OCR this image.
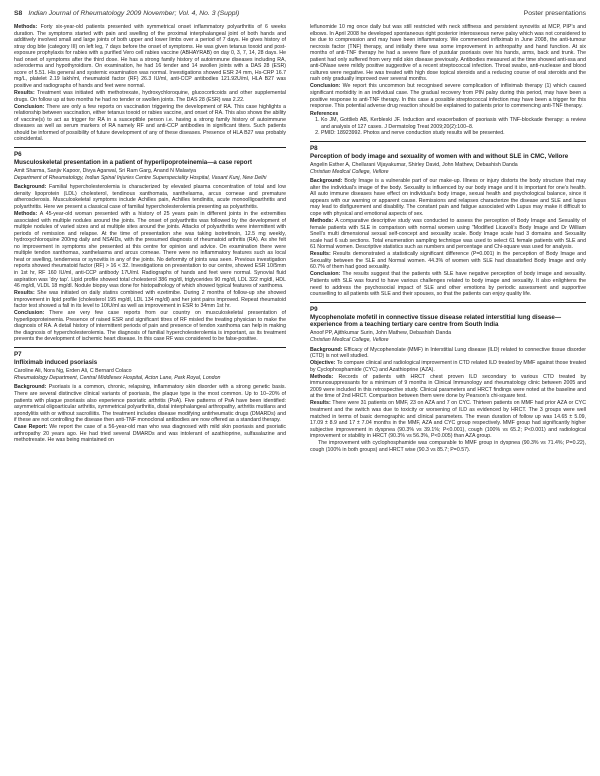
S8 Indian Journal of Rheumatology 2009 November; Vol. 4, No. 3 (Suppl)	Poster presentations

Methods: Forty six-year-old patients presented with symmetrical onset inflammatory polyarthritis of 6 weeks duration. The symptoms started with pain and swelling of the proximal interphalangeal joint of both hands and additively involved small and large joints of both upper and lower limbs over a period of 7 days. He gives history of stray dog bite (category III) on left leg, 7 days before the onset of symptoms. He was given tetanus toxoid and post-exposure prophylaxis for rabies with a purified Vero cell rabies vaccine (ABHAYRAB) on day 0, 3, 7, 14, 28 days. He had onset of symptoms after the third dose. He has a strong family history of autoimmune diseases including RA, scleroderma and hypothyroidism. On examination, he had 16 tender and 14 swollen joints with a DAS 28 (ESR) score of 5.51. His general and systemic examination was normal. Investigations showed ESR 24 mm, Hs-CRP 16.7 mg/L, platelet 2.19 lakh/ml, rheumatoid factor (RF) 26.3 IU/ml, anti-CCP antibodies 121.92U/ml, HLA B27 was positive and radiographs of hands and feet were normal.

Results: Treatment was initiated with methotrexate, hydroxychloroquine, glucocorticoids and other supplemental drugs. On follow up at two months he had no tender or swollen joints. The DAS 28 (ESR) was 2.22.

Conclusion: There are only a few reports on vaccination triggering the development of RA. This case highlights a relationship between vaccination, either tetanus toxoid or rabies vaccine, and onset of RA. This also shows the ability of vaccine(s) to act as trigger for RA in a susceptible person i.e. having a strong family history of autoimmune diseases as well as serum markers of RA namely RF and anti-CCP antibodies in significant titers. Such patients should be informed of possibility of future development of any of these diseases. Presence of HLA B27 was probably coincidental.

P6
Musculoskeletal presentation in a patient of hyperlipoproteinemia—a case report
Amit Sharma, Sanjiv Kapoor, Divya Agarwal, Sri Ram Garg, Anand N Malaviya
Department of Rheumatology, Indian Spinal Injuries Centre Superspeciality Hospital, Vasant Kunj, New Delhi

Background: Familial hypercholesterolemia is characterized by elevated plasma concentration of total and low density lipoprotein (LDL) cholesterol, tendinous xanthomata, xanthelasma, arcus corneae and premature atherosclerosis. Musculoskeletal symptoms include Achilles pain, Achilles tendinitis, acute monoolligoarthritis and polyarthritis. Here we present a classical case of familial hypercholesterolemia presenting as polyarthritis.

Methods: A 45-year-old woman presented with a history of 25 years pain in different joints in the extremities associated with multiple nodules around the joints. The onset of polyarthritis was followed by the development of multiple nodules of varied sizes and at multiple sites around the joints. Attacks of polyarthritis were intermittent with periods of remission and relapse. At the time of presentation she was taking isotretinoin, 12.5 mg weekly, hydroxychloroquine 200mg daily and NSAIDs, with the presumed diagnosis of rheumatoid arthritis (RA). As she felt no improvement in symptoms she presented at this centre for opinion and advice. On examination there were multiple tendon xanthomas, xanthelasma and arcus corneae. There were no inflammatory features such as local heat or swelling, tenderness or synovitis in any of the joints. No deformity of joints was seen. Previous investigation reports showed rheumatoid factor (RF) > 16 < 32. Investigations on presentation to our centre, showed ESR 10/5mm in 1st hr, RF 160 IU/ml, anti-CCP antibody 17U/ml. Radiographs of hands and feet were normal. Synovial fluid aspiration was ‘dry tap’. Lipid profile showed total cholesterol 386 mg/dl, triglycerides 90 mg/dl, LDL 322 mg/dl, HDL 46 mg/dl, VLDL 18 mg/dl. Nodule biopsy was done for histopathology of which showed typical features of xanthoma.

Results: She was initiated on daily statins combined with ezetimibe. During 2 months of follow-up she showed improvement in lipid profile (cholesterol 195 mg/dl, LDL 134 mg/dl) and her joint pains improved. Repeat rheumatoid factor test showed a fall in its level to 10IU/ml as well as improvement in ESR to 34mm 1st hr.

Conclusion: There are very few case reports from our country on musculoskeletal presentation of hyperlipoproteinemia. Presence of raised ESR and significant titres of RF misled the treating physician to make the diagnosis of RA. A detail history of intermittent periods of pain and presence of tendon xanthoma can help in making the diagnosis of hypercholesterolemia. The diagnosis of familial hypercholesterolemia is important, as its treatment prevents the development of ischemic heart disease. In this case RF was considered to be false-positive.

P7
Infliximab induced psoriasis
Caroline Ali, Nora Ng, Erden Ali, C Bernard Colaco
Rheumatology Department, Central Middlesex Hospital, Acton Lane, Park Royal, London

Background: Psoriasis is a common, chronic, relapsing, inflammatory skin disorder with a strong genetic basis. There are several distinctive clinical variants of psoriasis, the plaque type is the most common. Up to 10–20% of patients with plaque psoriasis also experience psoriatic arthritis (PsA). Five patterns of PsA have been identified: asymmetrical oligoarticular arthritis, symmetrical polyarthritis, distal interphalangeal arthropathy, arthritis mutilans and spondylitis with or without sacroiliitis. The treatment includes disease modifying antirheumatic drugs (DMARDs) and if these are not controlling the disease then anti-TNF monoclonal antibodies are now offered as a standard therapy.

Case Report: We report the case of a 56-year-old man who was diagnosed with mild skin psoriasis and psoriatic arthropathy 20 years ago. He had tried several DMARDs and was intolerant of azathioprine, sulfasalazine and methotrexate. He was being maintained on

leflunomide 10 mg once daily but was still restricted with neck stiffness and persistent synovitis at MCP, PIP’s and elbows. In April 2008 he developed spontaneous right posterior interosseous nerve palsy which was not considered to be due to compression and may have been inflammatory. We commenced infliximab in June 2008, the anti-tumour necrosis factor (TNF) therapy, and initially there was some improvement in arthropathy and hand function. At six months of anti-TNF therapy he had a severe flare of pustular psoriasis over his hands, arms, back and trunk. The patient had only suffered from very mild skin disease previously. Antibodies measured at the time showed anti-ssa and anti-DNase were mildly positive suggestive of a recent streptococcal infection. Throat swabs, anti-nuclease and blood cultures were negative. He was treated with high dose topical steroids and a reducing course of oral steroids and the rash only gradually improved over several months.

Conclusion: We report this uncommon but recognised severe complication of infliximab therapy (1) which caused significant morbidity in an individual case. The gradual recovery from PIN palsy during this period, may have been a positive response to anti-TNF therapy. In this case a possible streptococcal infection may have been a trigger for this response. This potential adverse drug reaction should be explained to patients prior to commencing anti-TNF therapy.

References
1. Ko JM, Gottlieb AB, Kerbleski JF. Induction and exacerbation of psoriasis with TNF-blockade therapy: a review and analysis of 127 cases. J Dermatolog Treat 2009;20(2):100–8.
2. PMID: 18923992. Photos and nerve conduction study results will be presented.
P8
Perception of body image and sexuality of women with and without SLE in CMC, Vellore
Angelin Esther A, Chellarani Vijayakumar, Shirley David, John Mathew, Debashish Danda
Christian Medical College, Vellore

Background: Body Image is a vulnerable part of our make-up. Illness or injury distorts the body structure that may alter the individual’s image of the body. Sexuality is influenced by our body image and it is important for one’s health. All auto immune diseases have effect on individual’s body image, sexual health and psychological balance, since it appears with our warning or apparent cause. Remissions and relapses characterize the disease and SLE and lupus may lead to disfigurement and disability. The constant pain and fatigue associated with Lupus may make it difficult to cope with physical and emotional aspects of sex.

Methods: A comparative descriptive study was conducted to assess the perception of Body Image and Sexuality of female patients with SLE in comparison with normal women using “Modified Licavoli’s Body Image and Dr William Snell’s multi dimensional sexual self-concept and sexuality scale. Body Image scale had 3 domains and Sexuality scale had 6 sub sections. Total enumeration sampling technique was used to select 61 female patients with SLE and 61 Normal women. Descriptive statistics such as numbers and percentage and Chi-square was used for analysis.

Results: Results demonstrated a statistically significant difference (P=0.001) in the perception of Body Image and Sexuality between the SLE and Normal women. 44.3% of women with SLE had dissatisfied Body Image and only 60.7% of them had good sexuality.

Conclusion: The results suggest that the patients with SLE have negative perception of body image and sexuality. Patients with SLE was found to have various challenges related to body image and sexuality. It also enlightens the need to address the psychosocial impact of SLE and other emotions by periodic assessment and supportive counselling to all patients with SLE and their spouses, so that the patients can enjoy quality life.

P9
Mycophenolate mofetil in connective tissue disease related interstitial lung disease—experience from a teaching tertiary care centre from South India
Anoof PP, Ajithkumar Surin, John Mathew, Debashish Danda
Christian Medical College, Vellore

Background: Efficacy of Mycophenolate (MMF) in Interstitial Lung disease (ILD) related to connective tissue disorder (CTD) is not well studied.

Objective: To compare clinical and radiological improvement in CTD related ILD treated by MMF against those treated by Cyclophosphamide (CYC) and Azathioprine (AZA).

Methods: Records of patients with HRCT chest proven ILD secondary to various CTD treated by immunosuppressants for a minimum of 9 months in Clinical Immunology and rheumatology clinic between 2005 and 2009 were included in this retrospective study. Clinical parameters and HRCT findings were noted at the baseline and at the time of 2nd HRCT. Comparison between them were done by Pearson’s chi-square test.

Results: There were 31 patients on MMF, 23 on AZA and 7 on CYC. Thirteen patients on MMF had prior AZA or CYC treatment and the switch was due to toxicity or worsening of ILD as evidenced by HRCT. The 3 groups were well matched in terms of basic demographic and clinical parameters. The mean duration of follow up was 14.65 ± 5.09, 17.09 ± 8.9 and 17 ± 7.04 months in the MMF, AZA and CYC group respectively. MMF group had significantly higher subjective improvement in dyspnea (90.3% vs 39.1%; P<0.001), cough (100% vs 65.2; P<0.001) and radiological improvement or stability in HRCT (90.3% vs 56.3%, P<0.005) than AZA group.

The improvement with cyclophosphamide was comparable to MMF group in dyspnea (90.3% vs 71.4%; P=0.22), cough (100% in both groups) and HRCT wise (90.3 vs 85.7; P=0.57).
